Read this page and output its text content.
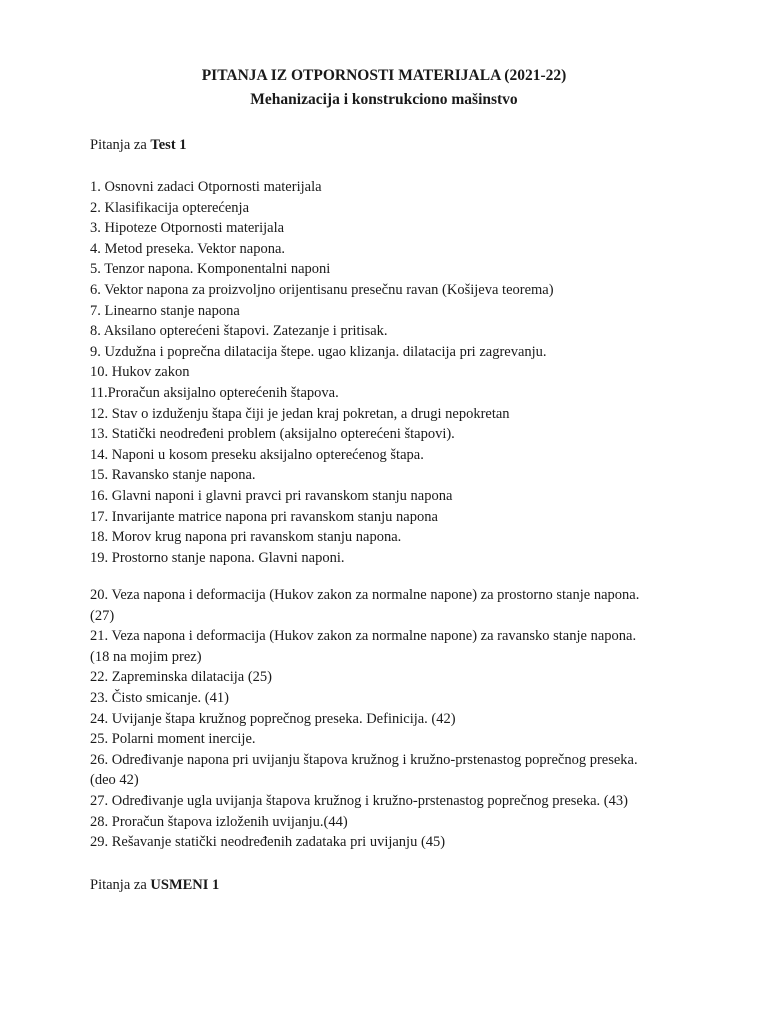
PITANJA IZ OTPORNOSTI MATERIJALA (2021-22)
Mehanizacija i konstrukciono mašinstvo
Pitanja za Test 1
1. Osnovni zadaci Otpornosti materijala
2. Klasifikacija opterećenja
3. Hipoteze Otpornosti materijala
4. Metod preseka. Vektor napona.
5. Tenzor napona. Komponentalni naponi
6. Vektor napona za proizvoljno orijentisanu presečnu ravan (Košijeva teorema)
7. Linearno stanje napona
8. Aksilano opterećeni štapovi. Zatezanje i pritisak.
9. Uzdužna i poprečna dilatacija štepe. ugao klizanja. dilatacija pri zagrevanju.
10. Hukov zakon
11.Proračun aksijalno opterećenih štapova.
12. Stav o izduženju štapa čiji je jedan kraj pokretan, a drugi nepokretan
13. Statički neodređeni problem (aksijalno opterećeni štapovi).
14. Naponi u kosom preseku aksijalno opterećenog štapa.
15. Ravansko stanje napona.
16. Glavni naponi i glavni pravci pri ravanskom stanju napona
17. Invarijante matrice napona pri ravanskom stanju napona
18. Morov krug napona pri ravanskom stanju napona.
19. Prostorno stanje napona. Glavni naponi.
20. Veza napona i deformacija (Hukov zakon za normalne napone) za prostorno stanje napona.
(27)
21. Veza napona i deformacija (Hukov zakon za normalne napone) za ravansko stanje napona.
(18 na mojim prez)
22. Zapreminska dilatacija (25)
23. Čisto smicanje. (41)
24. Uvijanje štapa kružnog poprečnog preseka. Definicija. (42)
25. Polarni moment inercije.
26. Određivanje napona pri uvijanju štapova kružnog i kružno-prstenastog poprečnog preseka.
(deo 42)
27. Određivanje ugla uvijanja štapova kružnog i kružno-prstenastog poprečnog preseka. (43)
28. Proračun štapova izloženih uvijanju.(44)
29. Rešavanje statički neodređenih zadataka pri uvijanju (45)
Pitanja za USMENI 1
